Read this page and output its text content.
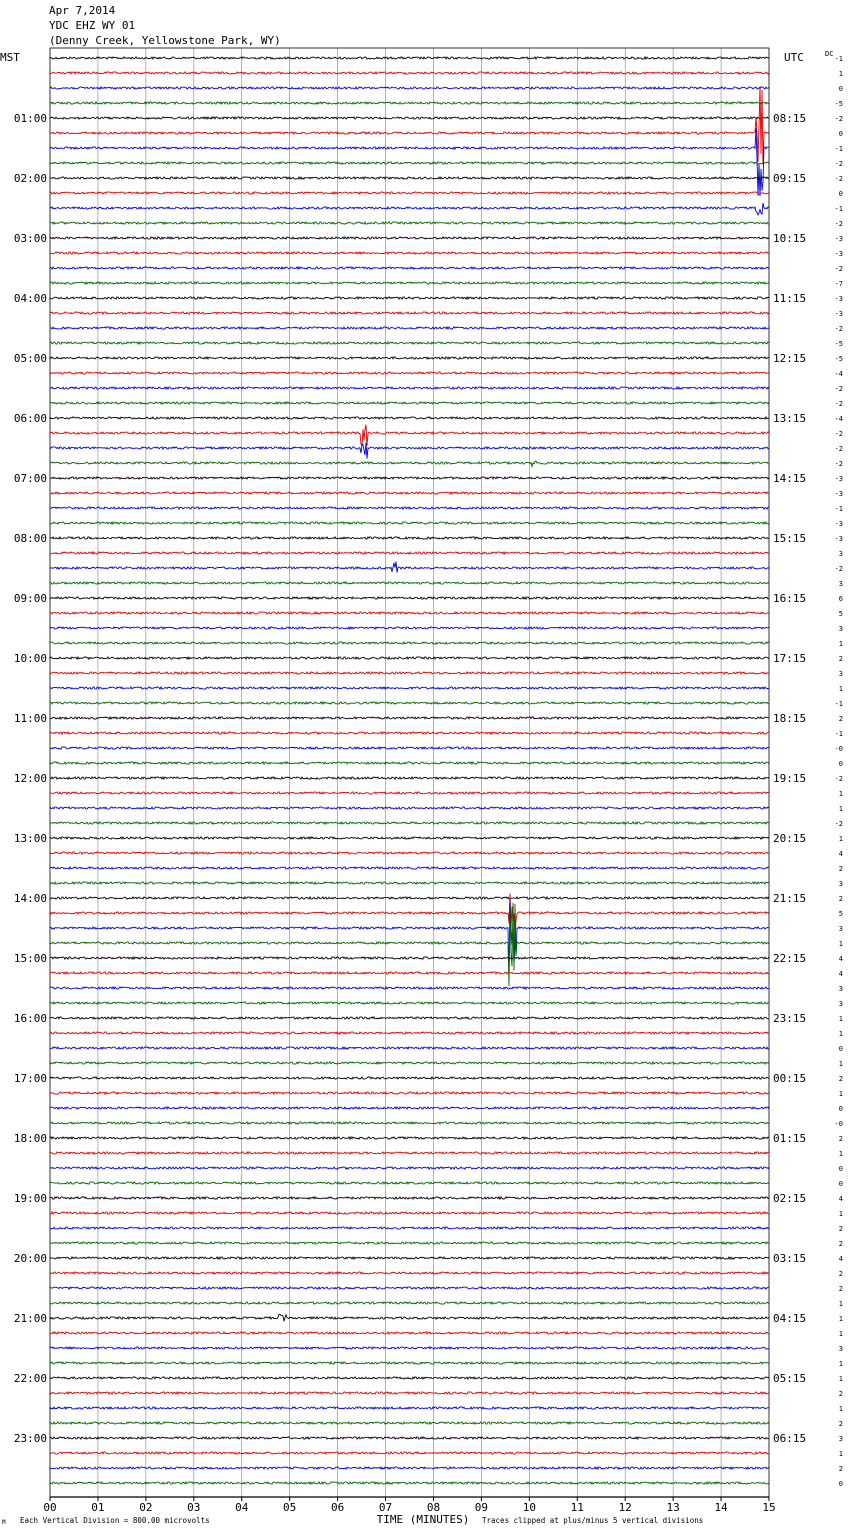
Apr 7,2014
YDC EHZ WY 01
(Denny Creek, Yellowstone Park, WY)
-1
1
0
-5
-2
0
-1
-2
-2
0
-1
-2
-3
-3
-2
-7
-3
-3
-2
-5
-5
-4
-2
-2
-4
-2
-2
-2
-3
-3
-1
-3
-3
3
-2
3
6
5
3
1
2
3
1
-1
2
-1
-0
0
-2
1
1
-2
1
4
2
3
2
5
3
1
4
4
3
3
1
1
0
1
2
1
0
-0
2
1
0
0
4
1
2
2
4
2
2
1
1
1
3
1
1
2
1
2
3
1
2
0
01:00
02:00
03:00
04:00
05:00
06:00
07:00
08:00
09:00
10:00
11:00
12:00
13:00
14:00
15:00
16:00
17:00
18:00
19:00
20:00
21:00
22:00
23:00
08:15
09:15
10:15
11:15
12:15
13:15
14:15
15:15
16:15
17:15
18:15
19:15
20:15
21:15
22:15
23:15
00:15
01:15
02:15
03:15
04:15
05:15
06:15
MST	UTC	DC
00	01	02	03	04	05	06	07	08	09	10	11	12	13	14	15
TIME (MINUTES)
M Each Vertical Division = 800.00 microvolts	Traces clipped at plus/minus 5 vertical divisions
